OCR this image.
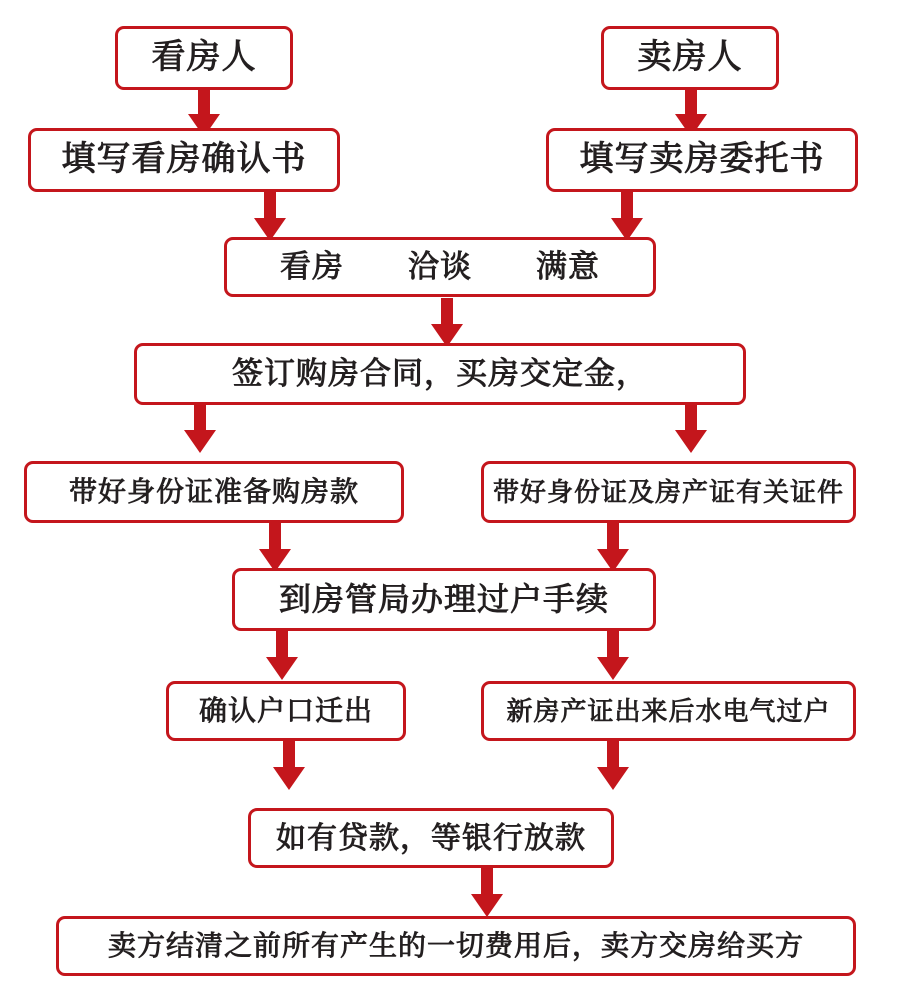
看房人	卖房人
填写看房确认书	填写卖房委托书
看房　　洽谈　　满意
签订购房合同，买房交定金，
带好身份证准备购房款	带好身份证及房产证有关证件
到房管局办理过户手续
确认户口迁出	新房产证出来后水电气过户
如有贷款，等银行放款
卖方结清之前所有产生的一切费用后，卖方交房给买方
